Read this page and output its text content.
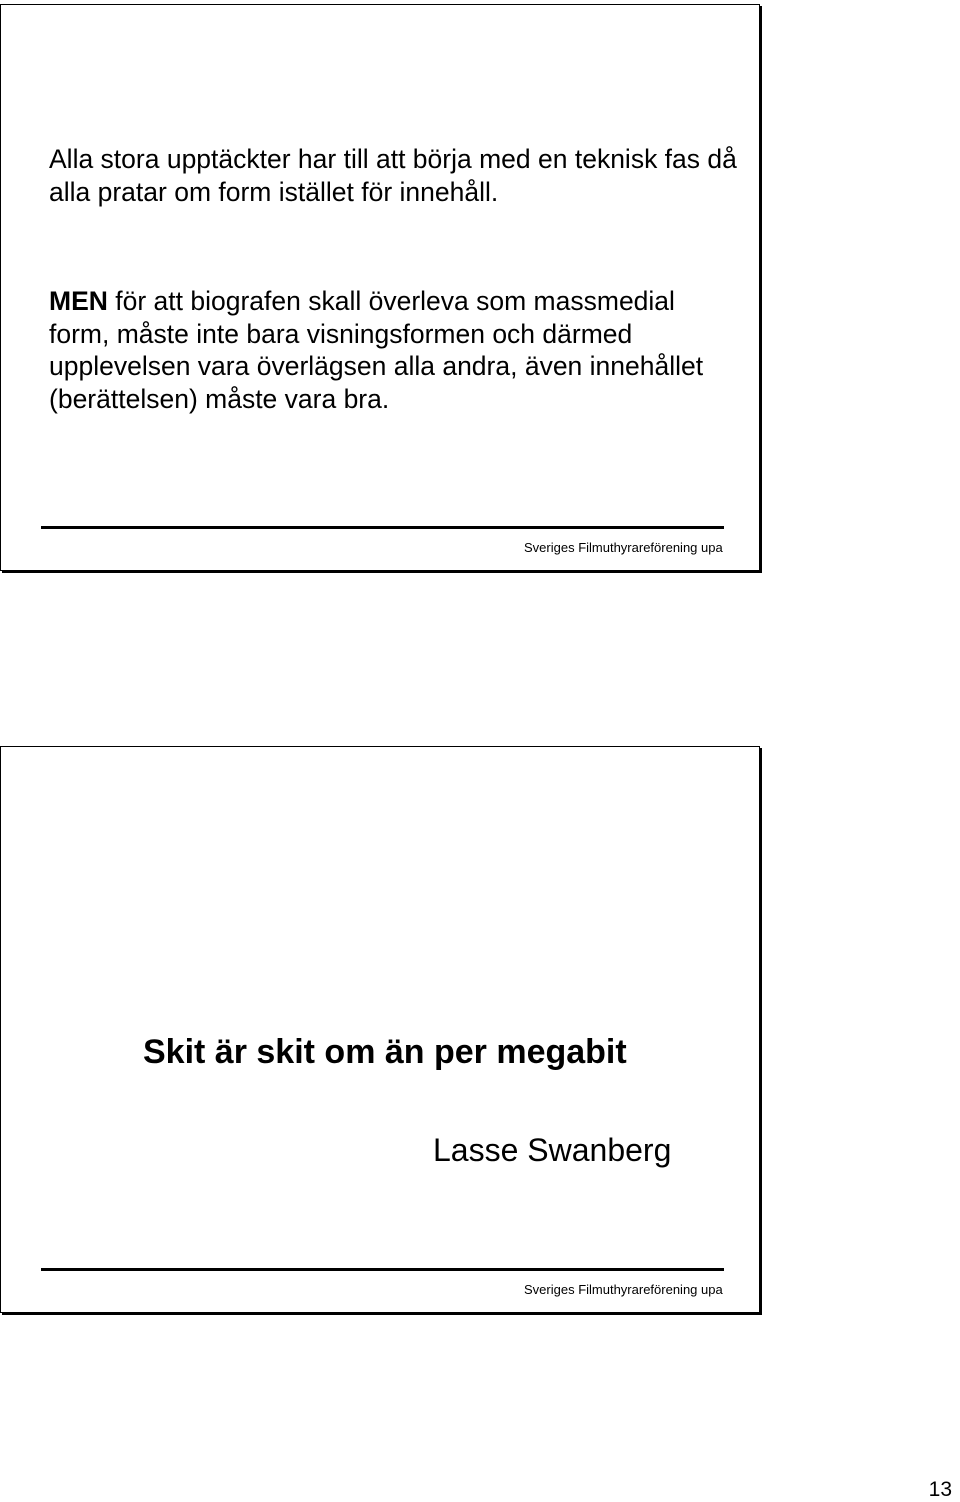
Alla stora upptäckter har till att börja med en teknisk fas då alla pratar om form istället för innehåll.

MEN för att biografen skall överleva som massmedial form, måste inte bara visningsformen och därmed upplevelsen vara överlägsen alla andra, även innehållet (berättelsen) måste vara bra.

Sveriges Filmuthyrareförening upa

Skit är skit om än per megabit

Lasse Swanberg

Sveriges Filmuthyrareförening upa
13
